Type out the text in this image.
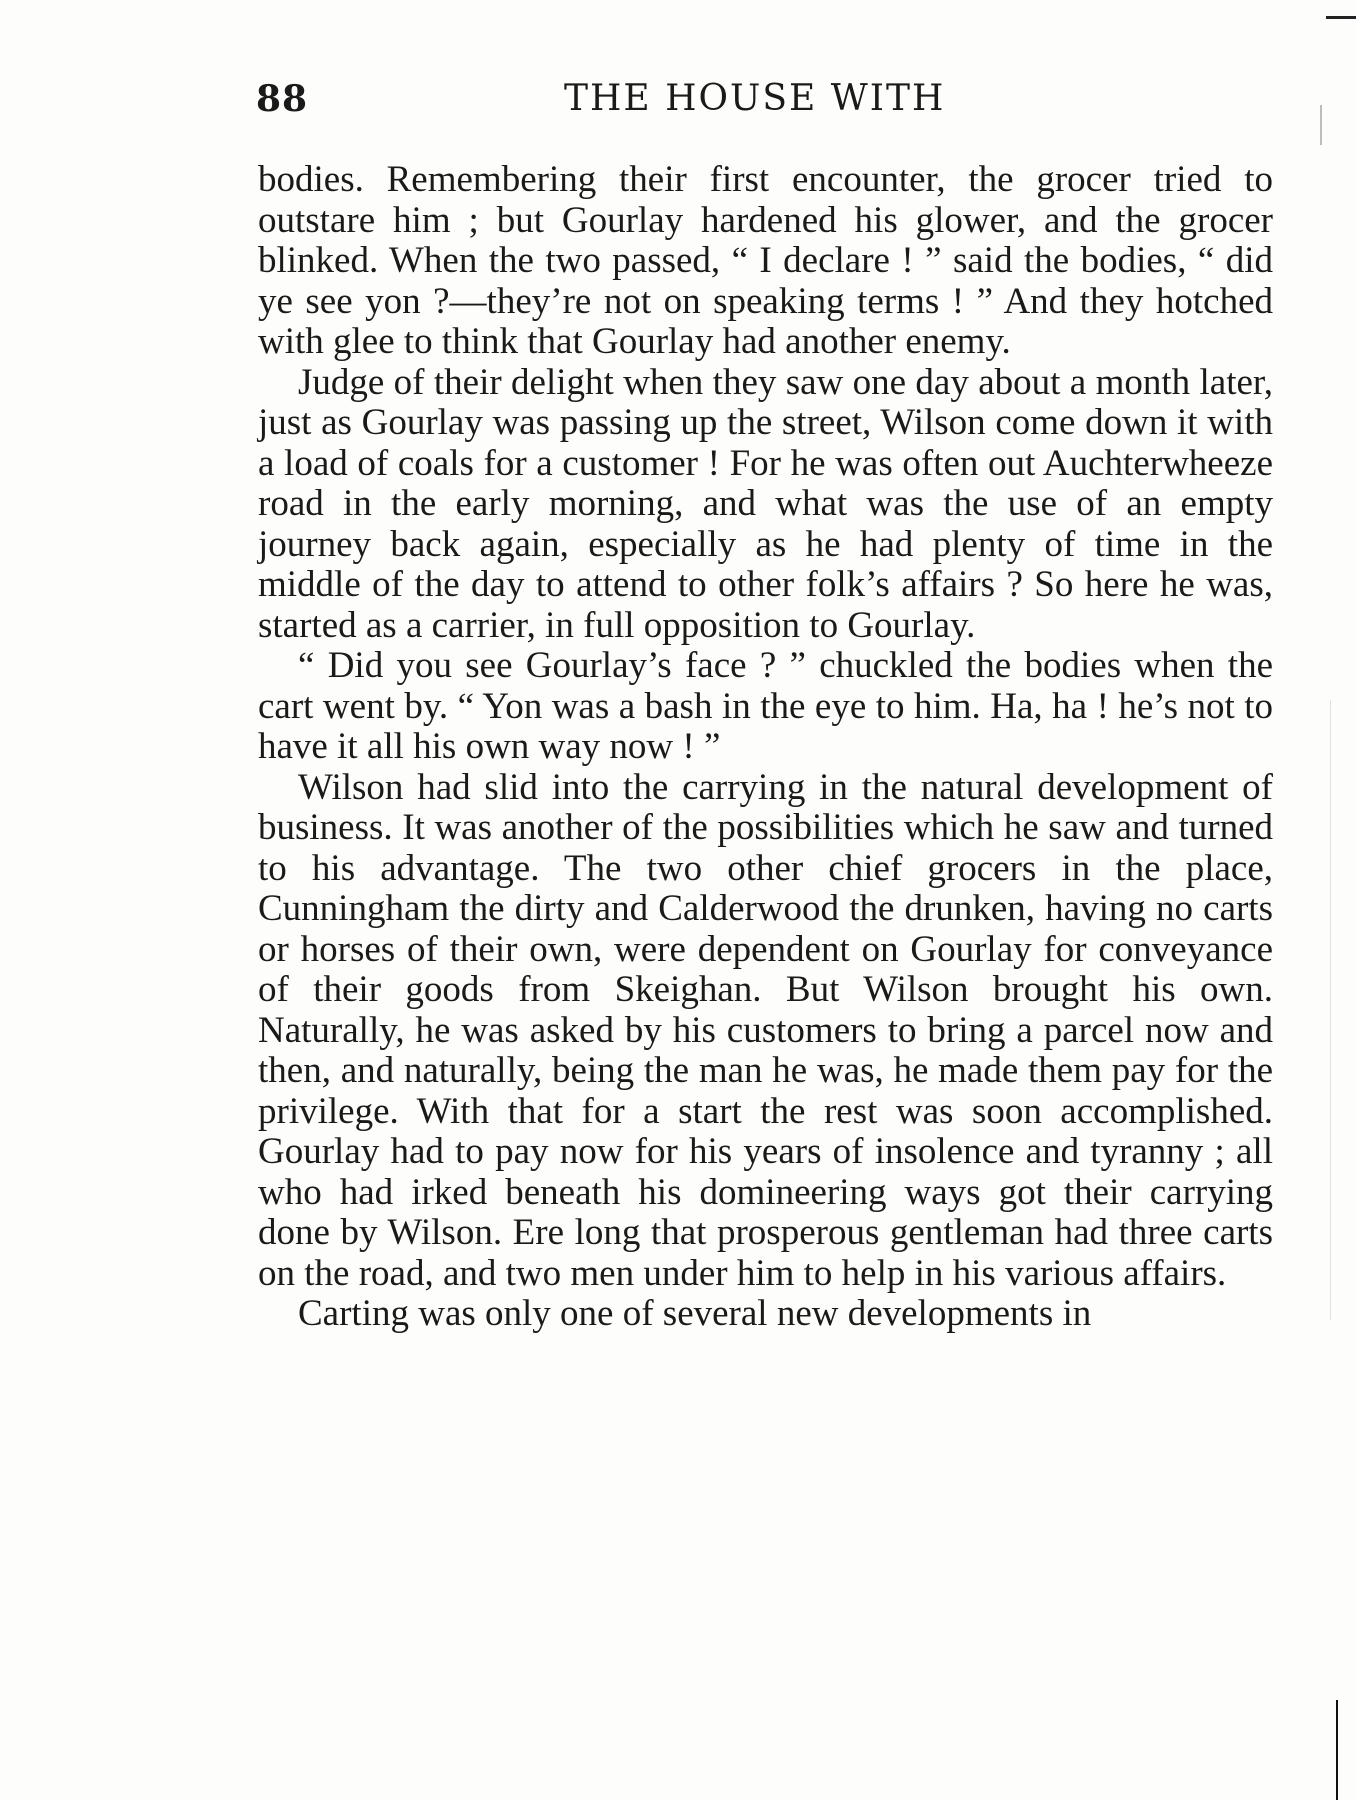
88	THE HOUSE WITH

bodies. Remembering their first encounter, the grocer tried to outstare him ; but Gourlay hardened his glower, and the grocer blinked. When the two passed, “ I declare ! ” said the bodies, “ did ye see yon ?—they’re not on speaking terms ! ” And they hotched with glee to think that Gourlay had another enemy.

Judge of their delight when they saw one day about a month later, just as Gourlay was passing up the street, Wilson come down it with a load of coals for a customer ! For he was often out Auchterwheeze road in the early morning, and what was the use of an empty journey back again, especially as he had plenty of time in the middle of the day to attend to other folk’s affairs ? So here he was, started as a carrier, in full opposition to Gourlay.

“ Did you see Gourlay’s face ? ” chuckled the bodies when the cart went by. “ Yon was a bash in the eye to him. Ha, ha ! he’s not to have it all his own way now ! ”

Wilson had slid into the carrying in the natural development of business. It was another of the possibilities which he saw and turned to his advantage. The two other chief grocers in the place, Cunningham the dirty and Calderwood the drunken, having no carts or horses of their own, were dependent on Gourlay for conveyance of their goods from Skeighan. But Wilson brought his own. Naturally, he was asked by his customers to bring a parcel now and then, and naturally, being the man he was, he made them pay for the privilege. With that for a start the rest was soon accomplished. Gourlay had to pay now for his years of insolence and tyranny ; all who had irked beneath his domineering ways got their carrying done by Wilson. Ere long that prosperous gentleman had three carts on the road, and two men under him to help in his various affairs.

Carting was only one of several new developments in
